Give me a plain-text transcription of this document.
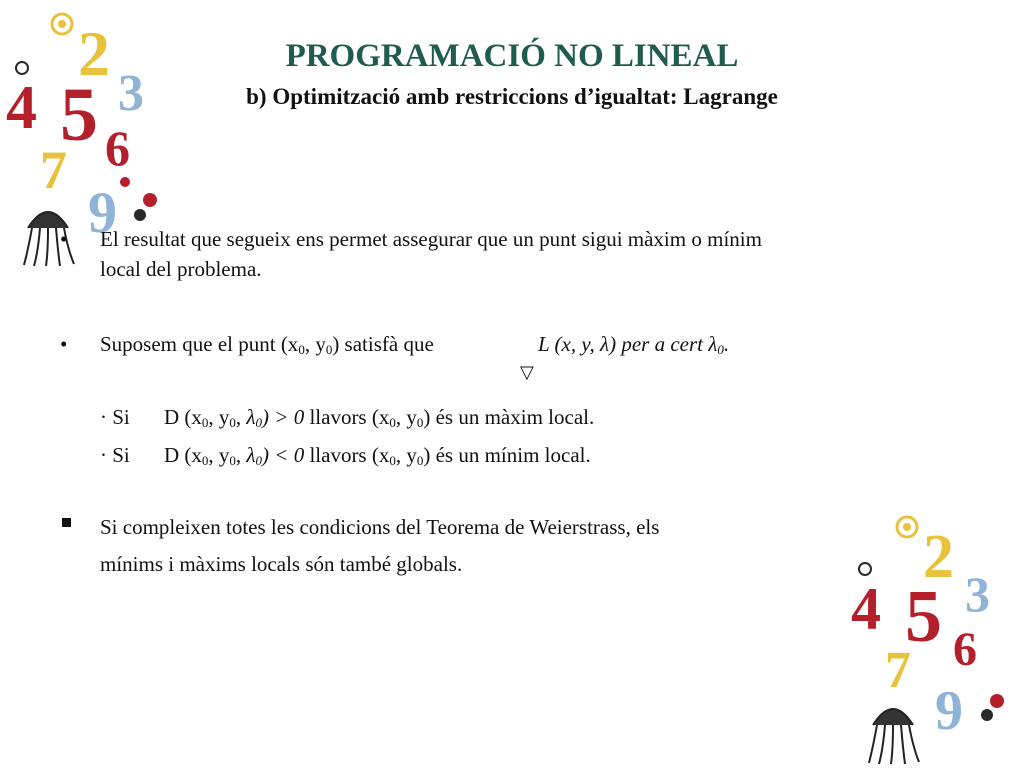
2
3
4 5 6
7
9
2
3
4 5 6
7
9
PROGRAMACIÓ NO LINEAL
b) Optimització amb restriccions d’igualtat: Lagrange
• El resultat que segueix ens permet assegurar que un punt sigui màxim o mínim
local del problema.
• Suposem que el punt ($x_0$, $y_0$) satisfà que	L (x, y, λ) per a cert $\lambda_0$.
▽
· Si D ($x_0$, $y_0$, $\lambda_0) > 0$ llavors ($x_0$, $y_0$) és un màxim local.
· Si D ($x_0$, $y_0$, $\lambda_0) < 0$ llavors ($x_0$, $y_0$) és un mínim local.
Si compleixen totes les condicions del Teorema de Weierstrass, els
mínims i màxims locals són també globals.
